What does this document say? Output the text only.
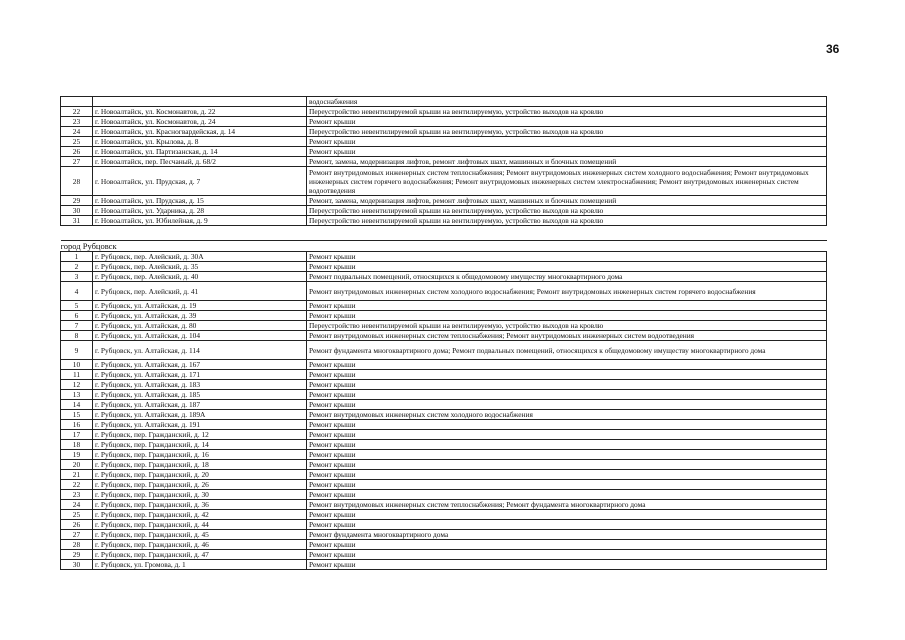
36
		водоснабжения
22	г. Новоалтайск, ул. Космонавтов, д. 22	Переустройство невентилируемой крыши на вентилируемую, устройство выходов на кровлю
23	г. Новоалтайск, ул. Космонавтов, д. 24	Ремонт крыши
24	г. Новоалтайск, ул. Красногвардейская, д. 14	Переустройство невентилируемой крыши на вентилируемую, устройство выходов на кровлю
25	г. Новоалтайск, ул. Крылова, д. 8	Ремонт крыши
26	г. Новоалтайск, ул. Партизанская, д. 14	Ремонт крыши
27	г. Новоалтайск, пер. Песчаный, д. 68/2	Ремонт, замена, модернизация лифтов, ремонт лифтовых шахт, машинных и блочных помещений
28	г. Новоалтайск, ул. Прудская, д. 7	Ремонт внутридомовых инженерных систем теплоснабжения; Ремонт внутридомовых инженерных систем холодного водоснабжения; Ремонт внутридомовых инженерных систем горячего водоснабжения; Ремонт внутридомовых инженерных систем электроснабжения; Ремонт внутридомовых инженерных систем водоотведения
29	г. Новоалтайск, ул. Прудская, д. 15	Ремонт, замена, модернизация лифтов, ремонт лифтовых шахт, машинных и блочных помещений
30	г. Новоалтайск, ул. Ударника, д. 28	Переустройство невентилируемой крыши на вентилируемую, устройство выходов на кровлю
31	г. Новоалтайск, ул. Юбилейная, д. 9	Переустройство невентилируемой крыши на вентилируемую, устройство выходов на кровлю

город Рубцовск		
1	г. Рубцовск, пер. Алейский, д. 30А	Ремонт крыши
2	г. Рубцовск, пер. Алейский, д. 35	Ремонт крыши
3	г. Рубцовск, пер. Алейский, д. 40	Ремонт подвальных помещений, относящихся к общедомовому имуществу многоквартирного дома
4	г. Рубцовск, пер. Алейский, д. 41	Ремонт внутридомовых инженерных систем холодного водоснабжения; Ремонт внутридомовых инженерных систем горячего водоснабжения
5	г. Рубцовск, ул. Алтайская, д. 19	Ремонт крыши
6	г. Рубцовск, ул. Алтайская, д. 39	Ремонт крыши
7	г. Рубцовск, ул. Алтайская, д. 80	Переустройство невентилируемой крыши на вентилируемую, устройство выходов на кровлю
8	г. Рубцовск, ул. Алтайская, д. 104	Ремонт внутридомовых инженерных систем теплоснабжения; Ремонт внутридомовых инженерных систем водоотведения
9	г. Рубцовск, ул. Алтайская, д. 114	Ремонт фундамента многоквартирного дома; Ремонт подвальных помещений, относящихся к общедомовому имуществу многоквартирного дома
10	г. Рубцовск, ул. Алтайская, д. 167	Ремонт крыши
11	г. Рубцовск, ул. Алтайская, д. 171	Ремонт крыши
12	г. Рубцовск, ул. Алтайская, д. 183	Ремонт крыши
13	г. Рубцовск, ул. Алтайская, д. 185	Ремонт крыши
14	г. Рубцовск, ул. Алтайская, д. 187	Ремонт крыши
15	г. Рубцовск, ул. Алтайская, д. 189А	Ремонт внутридомовых инженерных систем холодного водоснабжения
16	г. Рубцовск, ул. Алтайская, д. 191	Ремонт крыши
17	г. Рубцовск, пер. Гражданский, д. 12	Ремонт крыши
18	г. Рубцовск, пер. Гражданский, д. 14	Ремонт крыши
19	г. Рубцовск, пер. Гражданский, д. 16	Ремонт крыши
20	г. Рубцовск, пер. Гражданский, д. 18	Ремонт крыши
21	г. Рубцовск, пер. Гражданский, д. 20	Ремонт крыши
22	г. Рубцовск, пер. Гражданский, д. 26	Ремонт крыши
23	г. Рубцовск, пер. Гражданский, д. 30	Ремонт крыши
24	г. Рубцовск, пер. Гражданский, д. 36	Ремонт внутридомовых инженерных систем теплоснабжения; Ремонт фундамента многоквартирного дома
25	г. Рубцовск, пер. Гражданский, д. 42	Ремонт крыши
26	г. Рубцовск, пер. Гражданский, д. 44	Ремонт крыши
27	г. Рубцовск, пер. Гражданский, д. 45	Ремонт фундамента многоквартирного дома
28	г. Рубцовск, пер. Гражданский, д. 46	Ремонт крыши
29	г. Рубцовск, пер. Гражданский, д. 47	Ремонт крыши
30	г. Рубцовск, ул. Громова, д. 1	Ремонт крыши
